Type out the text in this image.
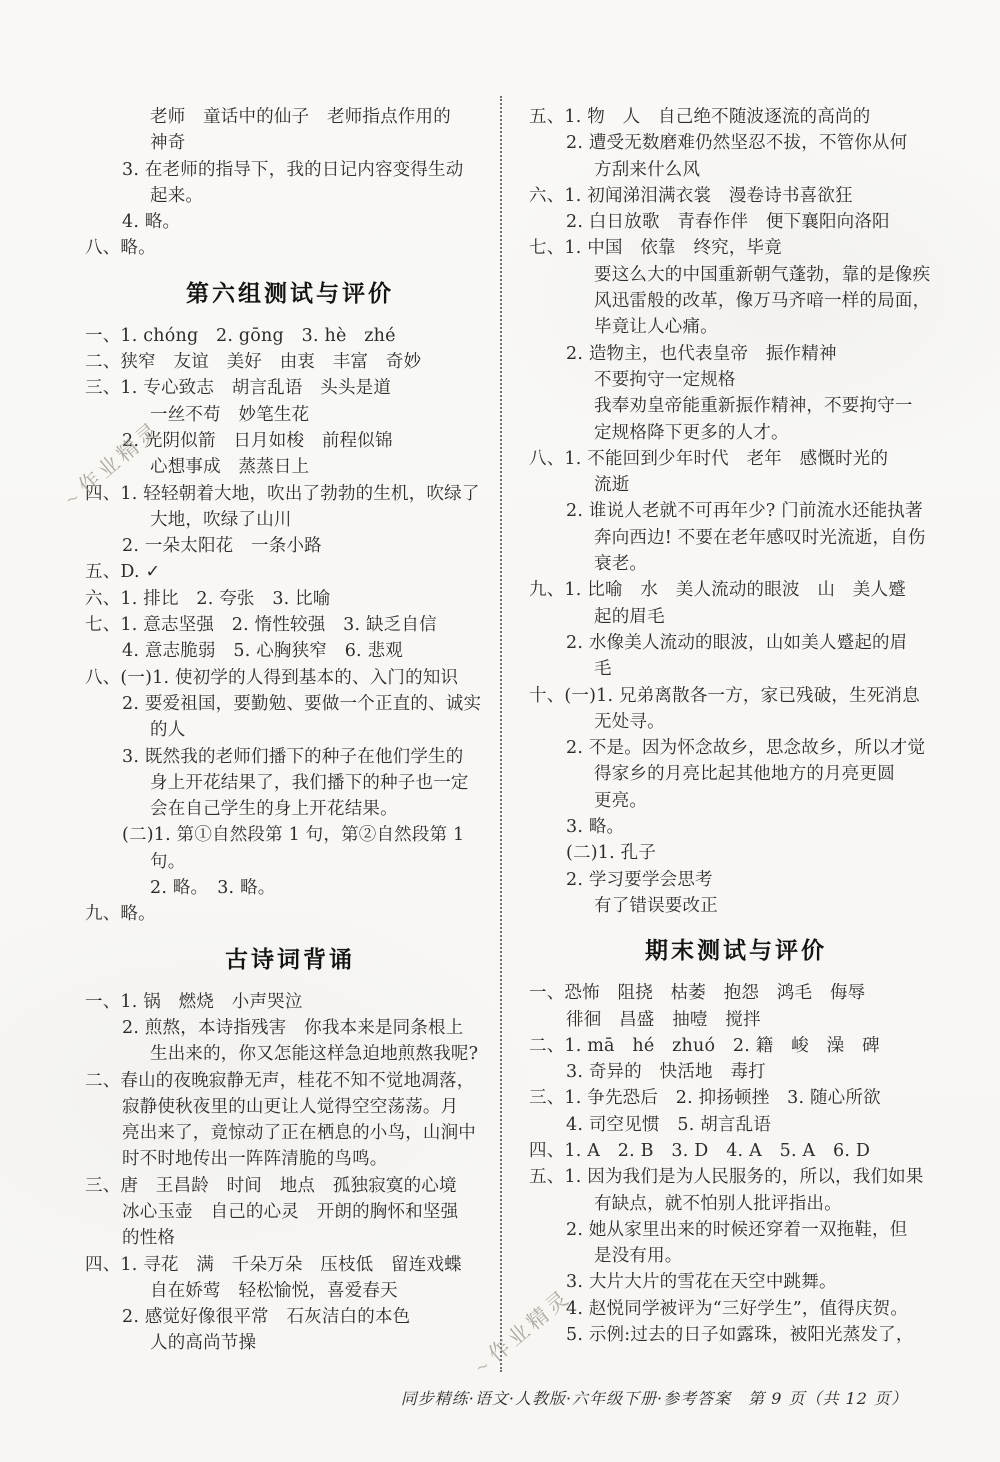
老师　童话中的仙子　老师指点作用的
神奇
3. 在老师的指导下，我的日记内容变得生动
起来。
4. 略。
八、略。
第六组测试与评价
一、1. chóng　2. gōng　3. hè　zhé
二、狭窄　友谊　美好　由衷　丰富　奇妙
三、1. 专心致志　胡言乱语　头头是道
一丝不苟　妙笔生花
2. 光阴似箭　日月如梭　前程似锦
心想事成　蒸蒸日上
四、1. 轻轻朝着大地，吹出了勃勃的生机，吹绿了
大地，吹绿了山川
2. 一朵太阳花　一条小路
五、D. ✓
六、1. 排比　2. 夸张　3. 比喻
七、1. 意志坚强　2. 惰性较强　3. 缺乏自信
4. 意志脆弱　5. 心胸狭窄　6. 悲观
八、(一)1. 使初学的人得到基本的、入门的知识
2. 要爱祖国，要勤勉、要做一个正直的、诚实
的人
3. 既然我的老师们播下的种子在他们学生的
身上开花结果了，我们播下的种子也一定
会在自己学生的身上开花结果。
(二)1. 第①自然段第 1 句，第②自然段第 1
句。
2. 略。　3. 略。
九、略。
古诗词背诵
一、1. 锅　燃烧　小声哭泣
2. 煎熬，本诗指残害　你我本来是同条根上
生出来的，你又怎能这样急迫地煎熬我呢?
二、春山的夜晚寂静无声，桂花不知不觉地凋落，
寂静使秋夜里的山更让人觉得空空荡荡。月
亮出来了，竟惊动了正在栖息的小鸟，山涧中
时不时地传出一阵阵清脆的鸟鸣。
三、唐　王昌龄　时间　地点　孤独寂寞的心境
冰心玉壶　自己的心灵　开朗的胸怀和坚强
的性格
四、1. 寻花　满　千朵万朵　压枝低　留连戏蝶
自在娇莺　轻松愉悦，喜爱春天
2. 感觉好像很平常　石灰洁白的本色
人的高尚节操
五、1. 物　人　自己绝不随波逐流的高尚的
2. 遭受无数磨难仍然坚忍不拔，不管你从何
方刮来什么风
六、1. 初闻涕泪满衣裳　漫卷诗书喜欲狂
2. 白日放歌　青春作伴　便下襄阳向洛阳
七、1. 中国　依靠　终究，毕竟
要这么大的中国重新朝气蓬勃，靠的是像疾
风迅雷般的改革，像万马齐喑一样的局面，
毕竟让人心痛。
2. 造物主，也代表皇帝　振作精神
不要拘守一定规格
我奉劝皇帝能重新振作精神，不要拘守一
定规格降下更多的人才。
八、1. 不能回到少年时代　老年　感慨时光的
流逝
2. 谁说人老就不可再年少? 门前流水还能执著
奔向西边! 不要在老年感叹时光流逝，自伤
衰老。
九、1. 比喻　水　美人流动的眼波　山　美人蹙
起的眉毛
2. 水像美人流动的眼波，山如美人蹙起的眉
毛
十、(一)1. 兄弟离散各一方，家已残破，生死消息
无处寻。
2. 不是。因为怀念故乡，思念故乡，所以才觉
得家乡的月亮比起其他地方的月亮更圆
更亮。
3. 略。
(二)1. 孔子
2. 学习要学会思考
有了错误要改正
期末测试与评价
一、恐怖　阻挠　枯萎　抱怨　鸿毛　侮辱
徘徊　昌盛　抽噎　搅拌
二、1. mā　hé　zhuó　2. 籍　峻　澡　碑
3. 奇异的　快活地　毒打
三、1. 争先恐后　2. 抑扬顿挫　3. 随心所欲
4. 司空见惯　5. 胡言乱语
四、1. A　2. B　3. D　4. A　5. A　6. D
五、1. 因为我们是为人民服务的，所以，我们如果
有缺点，就不怕别人批评指出。
2. 她从家里出来的时候还穿着一双拖鞋，但
是没有用。
3. 大片大片的雪花在天空中跳舞。
4. 赵悦同学被评为“三好学生”，值得庆贺。
5. 示例:过去的日子如露珠，被阳光蒸发了，
~ 作业精灵
~ 作业精灵
同步精练·语文·人教版·六年级下册·参考答案　第 9 页（共 12 页）
